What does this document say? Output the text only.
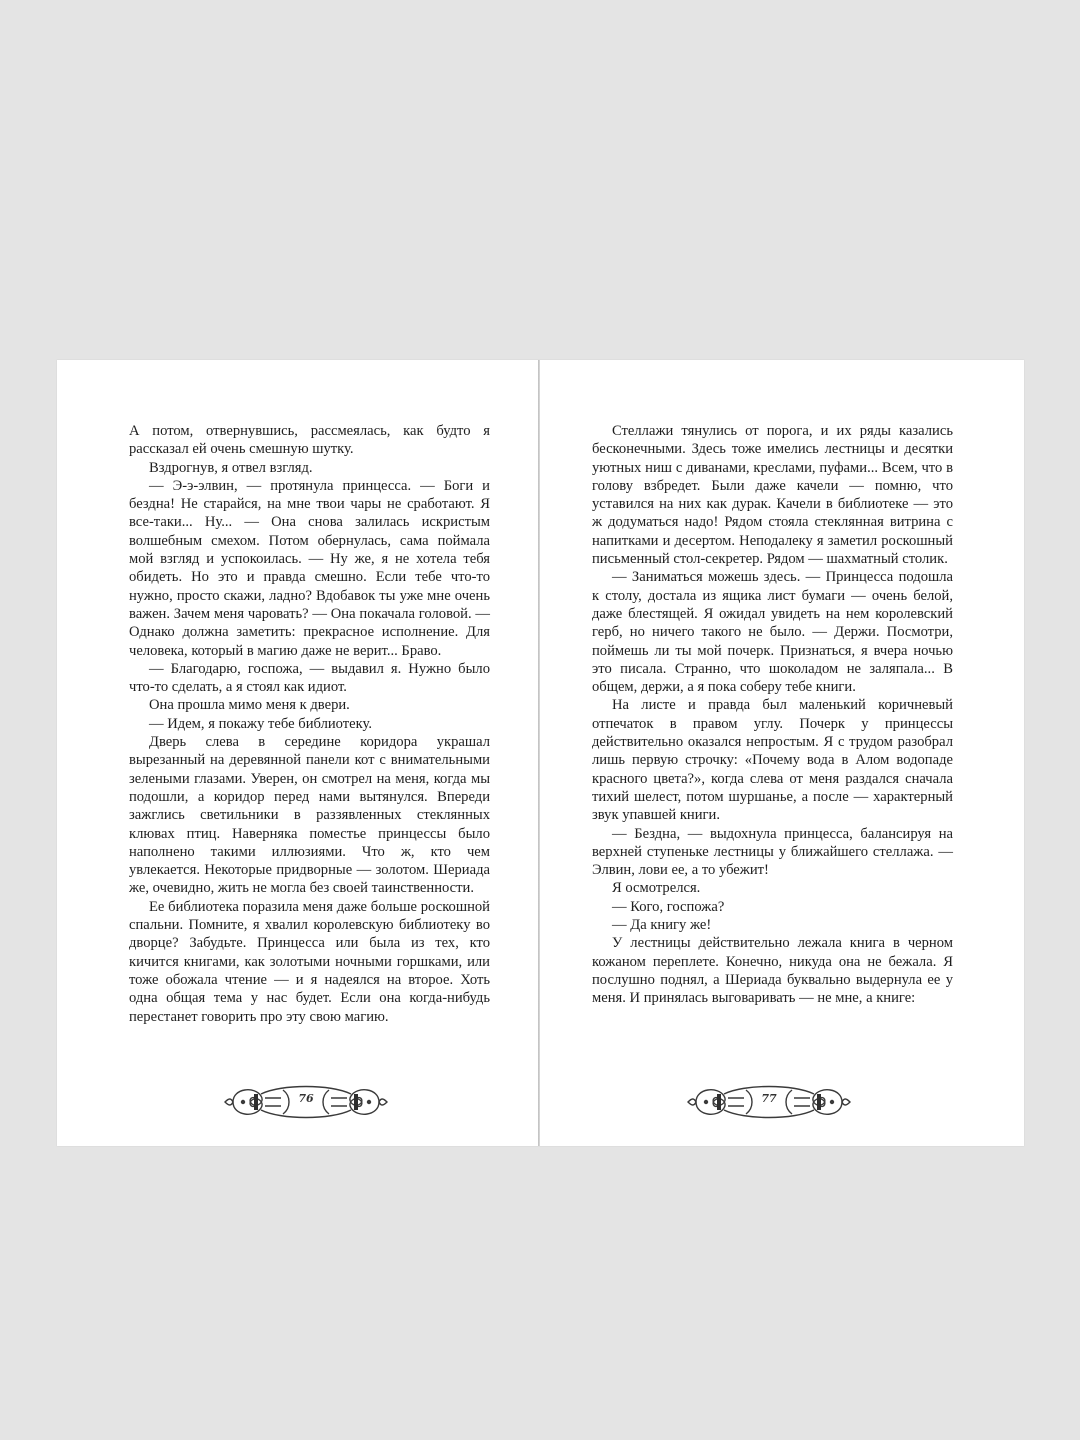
А потом, отвернувшись, рассмеялась, как будто я рассказал ей очень смешную шутку.

Вздрогнув, я отвел взгляд.

— Э-э-элвин, — протянула принцесса. — Боги и бездна! Не старайся, на мне твои чары не сработают. Я все-таки... Ну... — Она снова залилась искристым волшебным смехом. Потом обернулась, сама поймала мой взгляд и успокоилась. — Ну же, я не хотела тебя обидеть. Но это и правда смешно. Если тебе что-то нужно, просто скажи, ладно? Вдобавок ты уже мне очень важен. Зачем меня чаровать? — Она покачала головой. — Однако должна заметить: прекрасное исполнение. Для человека, который в магию даже не верит... Браво.

— Благодарю, госпожа, — выдавил я. Нужно было что-то сделать, а я стоял как идиот.

Она прошла мимо меня к двери.

— Идем, я покажу тебе библиотеку.

Дверь слева в середине коридора украшал вырезанный на деревянной панели кот с внимательными зелеными глазами. Уверен, он смотрел на меня, когда мы подошли, а коридор перед нами вытянулся. Впереди зажглись светильники в раззявленных стеклянных клювах птиц. Наверняка поместье принцессы было наполнено такими иллюзиями. Что ж, кто чем увлекается. Некоторые придворные — золотом. Шериада же, очевидно, жить не могла без своей таинственности.

Ее библиотека поразила меня даже больше роскошной спальни. Помните, я хвалил королевскую библиотеку во дворце? Забудьте. Принцесса или была из тех, кто кичится книгами, как золотыми ночными горшками, или тоже обожала чтение — и я надеялся на второе. Хоть одна общая тема у нас будет. Если она когда-нибудь перестанет говорить про эту свою магию.

Стеллажи тянулись от порога, и их ряды казались бесконечными. Здесь тоже имелись лестницы и десятки уютных ниш с диванами, креслами, пуфами... Всем, что в голову взбредет. Были даже качели — помню, что уставился на них как дурак. Качели в библиотеке — это ж додуматься надо! Рядом стояла стеклянная витрина с напитками и десертом. Неподалеку я заметил роскошный письменный стол-секретер. Рядом — шахматный столик.

— Заниматься можешь здесь. — Принцесса подошла к столу, достала из ящика лист бумаги — очень белой, даже блестящей. Я ожидал увидеть на нем королевский герб, но ничего такого не было. — Держи. Посмотри, поймешь ли ты мой почерк. Признаться, я вчера ночью это писала. Странно, что шоколадом не заляпала... В общем, держи, а я пока соберу тебе книги.

На листе и правда был маленький коричневый отпечаток в правом углу. Почерк у принцессы действительно оказался непростым. Я с трудом разобрал лишь первую строчку: «Почему вода в Алом водопаде красного цвета?», когда слева от меня раздался сначала тихий шелест, потом шуршанье, а после — характерный звук упавшей книги.

— Бездна, — выдохнула принцесса, балансируя на верхней ступеньке лестницы у ближайшего стеллажа. — Элвин, лови ее, а то убежит!

Я осмотрелся.

— Кого, госпожа?

— Да книгу же!

У лестницы действительно лежала книга в черном кожаном переплете. Конечно, никуда она не бежала. Я послушно поднял, а Шериада буквально выдернула ее у меня. И принялась выговаривать — не мне, а книге:

76	77
